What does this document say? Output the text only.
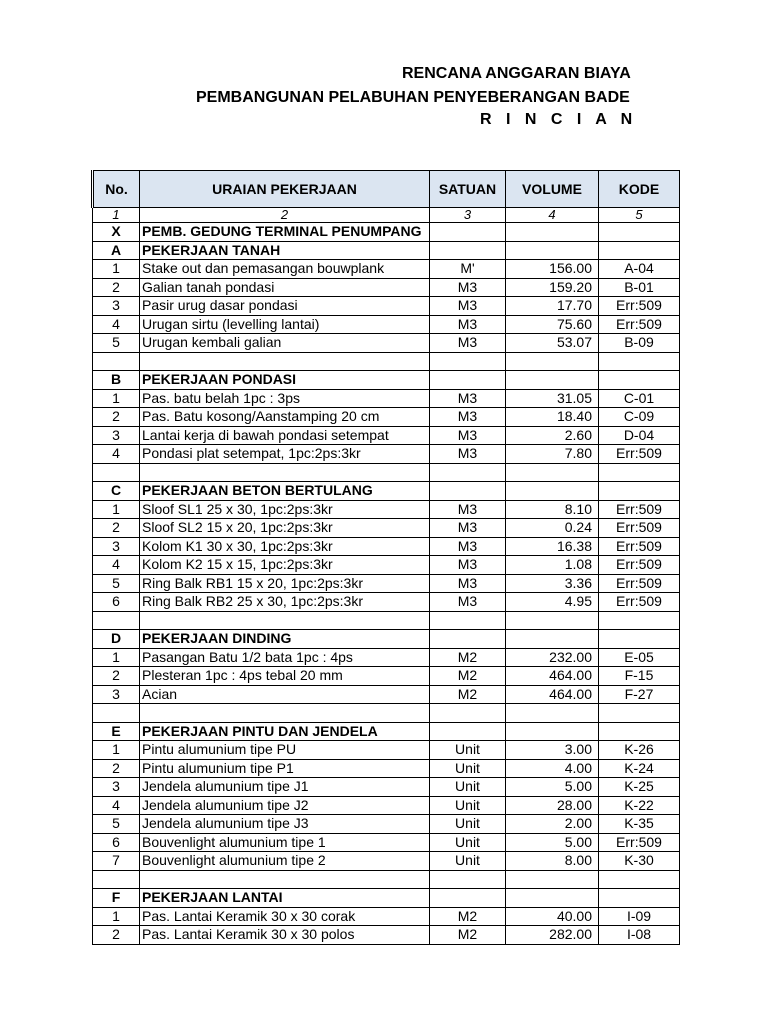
RENCANA ANGGARAN BIAYA
PEMBANGUNAN PELABUHAN PENYEBERANGAN BADE
R I N C I A N
No.	URAIAN PEKERJAAN	SATUAN	VOLUME	KODE
1	2	3	4	5
X	PEMB. GEDUNG TERMINAL PENUMPANG			
A	PEKERJAAN TANAH			
1	Stake out dan pemasangan bouwplank	M'	156.00	A-04
2	Galian tanah pondasi	M3	159.20	B-01
3	Pasir urug dasar pondasi	M3	17.70	Err:509
4	Urugan sirtu (levelling lantai)	M3	75.60	Err:509
5	Urugan kembali galian	M3	53.07	B-09

B	PEKERJAAN PONDASI			
1	Pas. batu belah 1pc : 3ps	M3	31.05	C-01
2	Pas. Batu kosong/Aanstamping 20 cm	M3	18.40	C-09
3	Lantai kerja di bawah pondasi setempat	M3	2.60	D-04
4	Pondasi plat setempat, 1pc:2ps:3kr	M3	7.80	Err:509

C	PEKERJAAN BETON BERTULANG			
1	Sloof SL1 25 x 30, 1pc:2ps:3kr	M3	8.10	Err:509
2	Sloof SL2 15 x 20, 1pc:2ps:3kr	M3	0.24	Err:509
3	Kolom K1 30 x 30, 1pc:2ps:3kr	M3	16.38	Err:509
4	Kolom K2 15 x 15, 1pc:2ps:3kr	M3	1.08	Err:509
5	Ring Balk RB1 15 x 20, 1pc:2ps:3kr	M3	3.36	Err:509
6	Ring Balk RB2 25 x 30, 1pc:2ps:3kr	M3	4.95	Err:509

D	PEKERJAAN DINDING			
1	Pasangan Batu 1/2 bata 1pc : 4ps	M2	232.00	E-05
2	Plesteran 1pc : 4ps tebal 20 mm	M2	464.00	F-15
3	Acian	M2	464.00	F-27

E	PEKERJAAN PINTU DAN JENDELA			
1	Pintu alumunium tipe PU	Unit	3.00	K-26
2	Pintu alumunium tipe P1	Unit	4.00	K-24
3	Jendela alumunium tipe J1	Unit	5.00	K-25
4	Jendela alumunium tipe J2	Unit	28.00	K-22
5	Jendela alumunium tipe J3	Unit	2.00	K-35
6	Bouvenlight alumunium tipe 1	Unit	5.00	Err:509
7	Bouvenlight alumunium tipe 2	Unit	8.00	K-30

F	PEKERJAAN LANTAI			
1	Pas. Lantai Keramik 30 x 30 corak	M2	40.00	I-09
2	Pas. Lantai Keramik 30 x 30 polos	M2	282.00	I-08
